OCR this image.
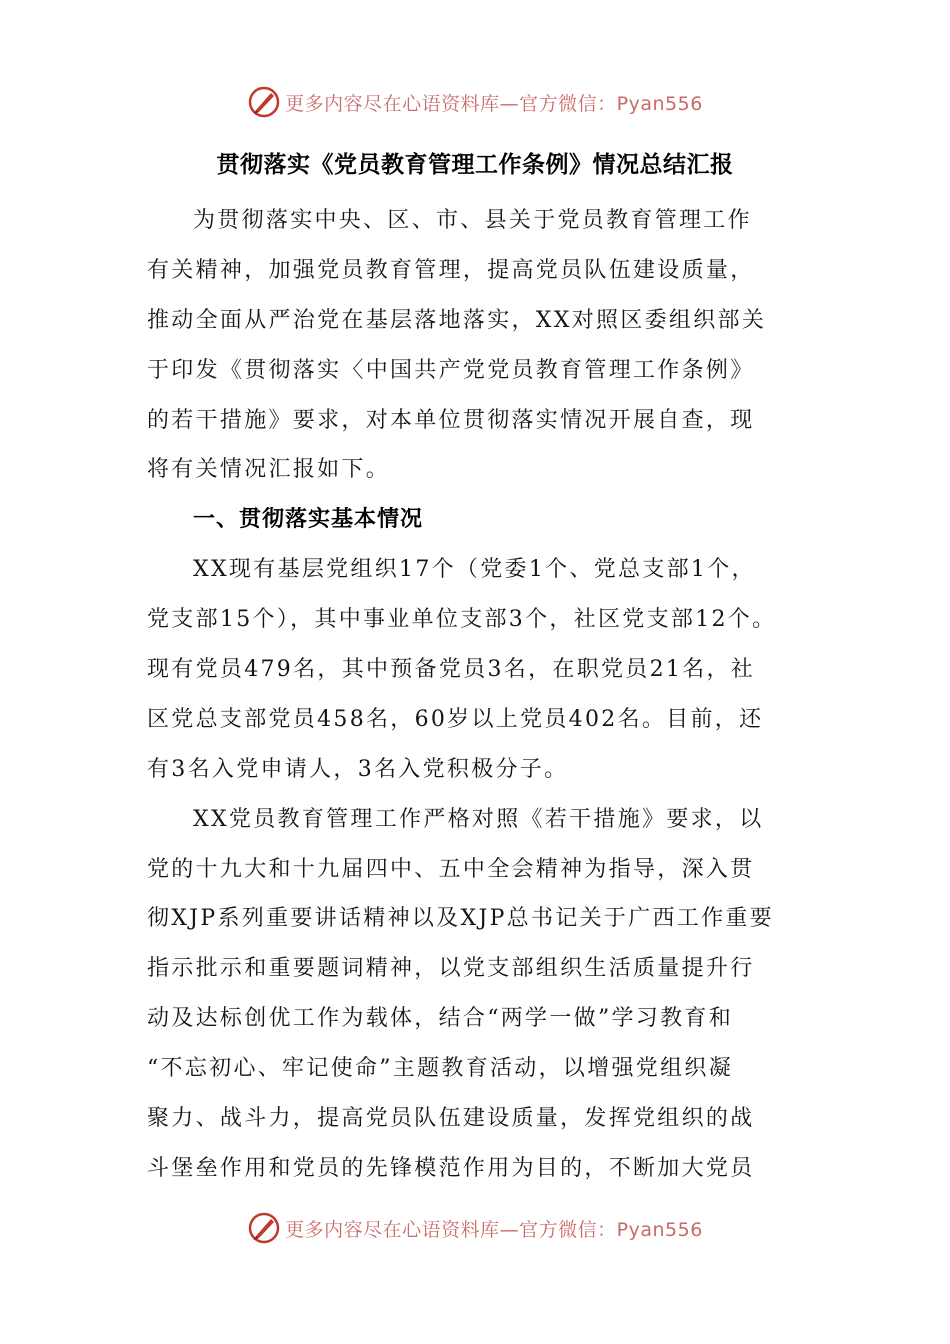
更多内容尽在心语资料库—官方微信：Pyan556
贯彻落实《党员教育管理工作条例》情况总结汇报
为贯彻落实中央、区、市、县关于党员教育管理工作
有关精神，加强党员教育管理，提高党员队伍建设质量，
推动全面从严治党在基层落地落实，XX对照区委组织部关
于印发《贯彻落实〈中国共产党党员教育管理工作条例》
的若干措施》要求，对本单位贯彻落实情况开展自查，现
将有关情况汇报如下。
一、贯彻落实基本情况
XX现有基层党组织17个（党委1个、党总支部1个，
党支部15个），其中事业单位支部3个，社区党支部12个。
现有党员479名，其中预备党员3名，在职党员21名，社
区党总支部党员458名，60岁以上党员402名。目前，还
有3名入党申请人，3名入党积极分子。
XX党员教育管理工作严格对照《若干措施》要求，以
党的十九大和十九届四中、五中全会精神为指导，深入贯
彻XJP系列重要讲话精神以及XJP总书记关于广西工作重要
指示批示和重要题词精神，以党支部组织生活质量提升行
动及达标创优工作为载体，结合“两学一做”学习教育和
“不忘初心、牢记使命”主题教育活动，以增强党组织凝
聚力、战斗力，提高党员队伍建设质量，发挥党组织的战
斗堡垒作用和党员的先锋模范作用为目的，不断加大党员
更多内容尽在心语资料库—官方微信：Pyan556
